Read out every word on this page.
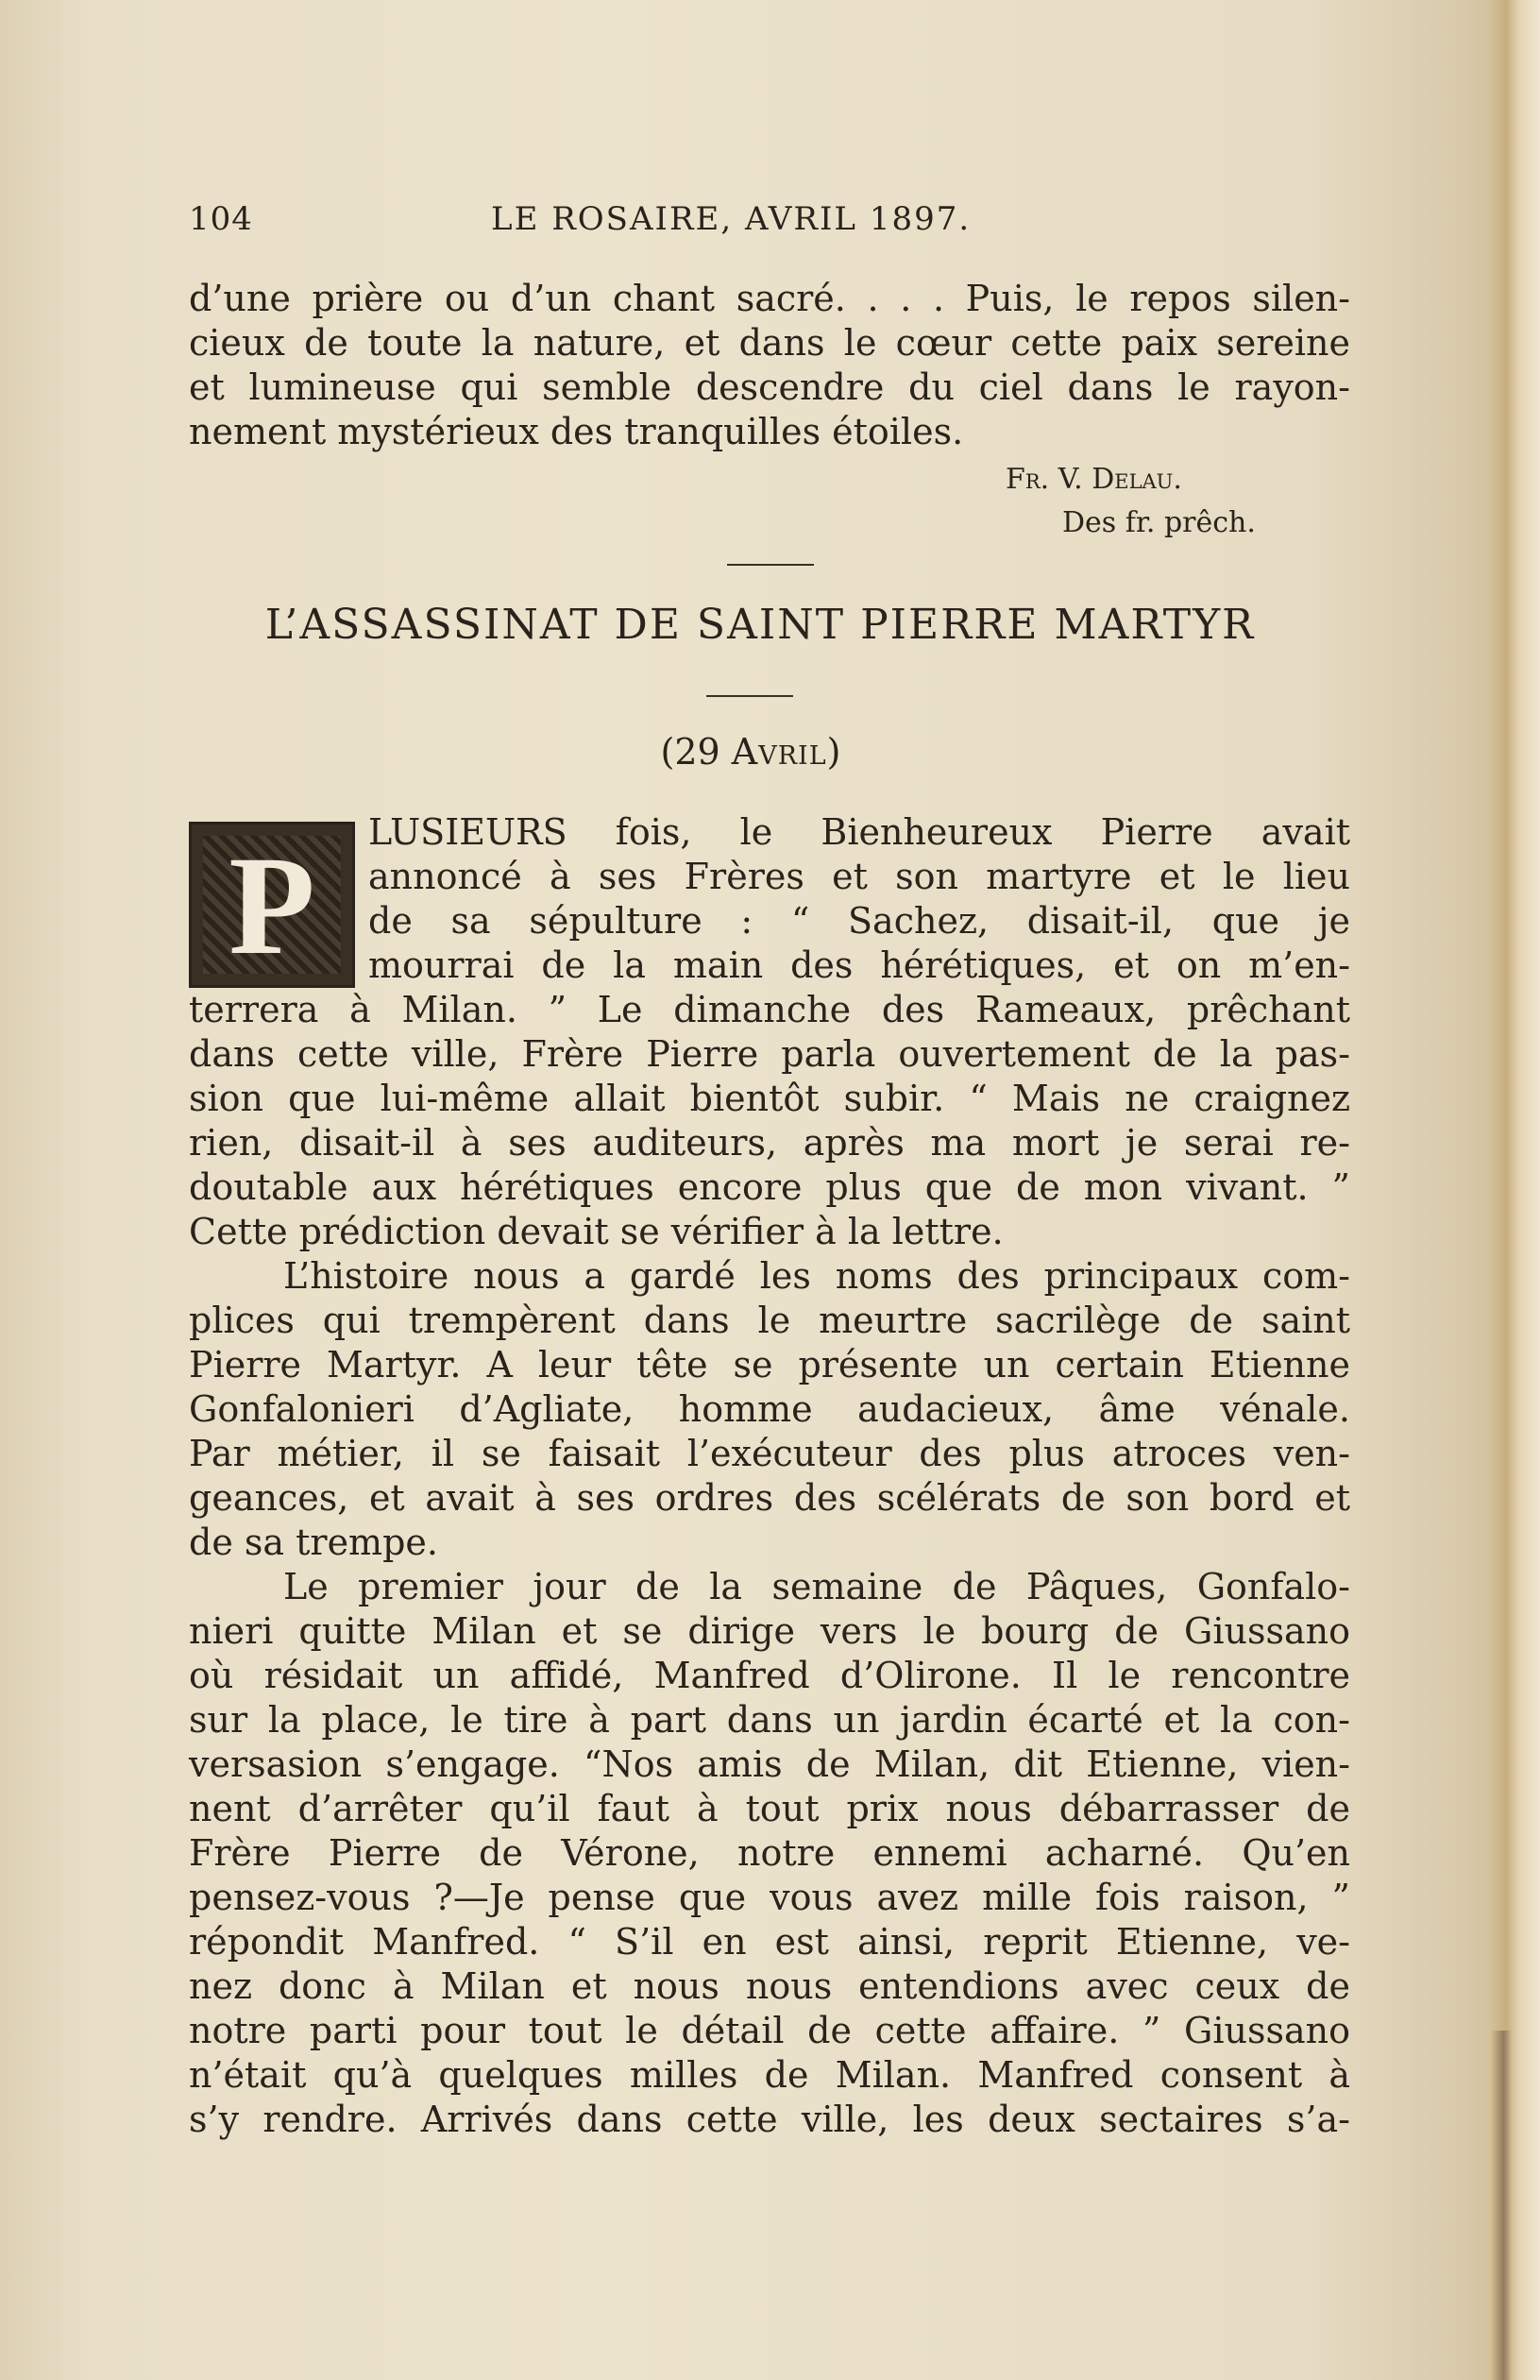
104	LE ROSAIRE, AVRIL 1897.
d’une prière ou d’un chant sacré. . . . Puis, le repos silen-
cieux de toute la nature, et dans le cœur cette paix sereine
et lumineuse qui semble descendre du ciel dans le rayon-
nement mystérieux des tranquilles étoiles.
Fr. V. Delau.
Des fr. prêch.
L’ASSASSINAT DE SAINT PIERRE MARTYR
(29 Avril)
P	LUSIEURS fois, le Bienheureux Pierre avait
annoncé à ses Frères et son martyre et le lieu
de sa sépulture : “ Sachez, disait-il, que je
mourrai de la main des hérétiques, et on m’en-
terrera à Milan. ” Le dimanche des Rameaux, prêchant
dans cette ville, Frère Pierre parla ouvertement de la pas-
sion que lui-même allait bientôt subir. “ Mais ne craignez
rien, disait-il à ses auditeurs, après ma mort je serai re-
doutable aux hérétiques encore plus que de mon vivant. ”
Cette prédiction devait se vérifier à la lettre.
L’histoire nous a gardé les noms des principaux com-
plices qui trempèrent dans le meurtre sacrilège de saint
Pierre Martyr. A leur tête se présente un certain Etienne
Gonfalonieri d’Agliate, homme audacieux, âme vénale.
Par métier, il se faisait l’exécuteur des plus atroces ven-
geances, et avait à ses ordres des scélérats de son bord et
de sa trempe.
Le premier jour de la semaine de Pâques, Gonfalo-
nieri quitte Milan et se dirige vers le bourg de Giussano
où résidait un affidé, Manfred d’Olirone. Il le rencontre
sur la place, le tire à part dans un jardin écarté et la con-
versasion s’engage. “Nos amis de Milan, dit Etienne, vien-
nent d’arrêter qu’il faut à tout prix nous débarrasser de
Frère Pierre de Vérone, notre ennemi acharné. Qu’en
pensez-vous ?—Je pense que vous avez mille fois raison, ”
répondit Manfred. “ S’il en est ainsi, reprit Etienne, ve-
nez donc à Milan et nous nous entendions avec ceux de
notre parti pour tout le détail de cette affaire. ” Giussano
n’était qu’à quelques milles de Milan. Manfred consent à
s’y rendre. Arrivés dans cette ville, les deux sectaires s’a-
